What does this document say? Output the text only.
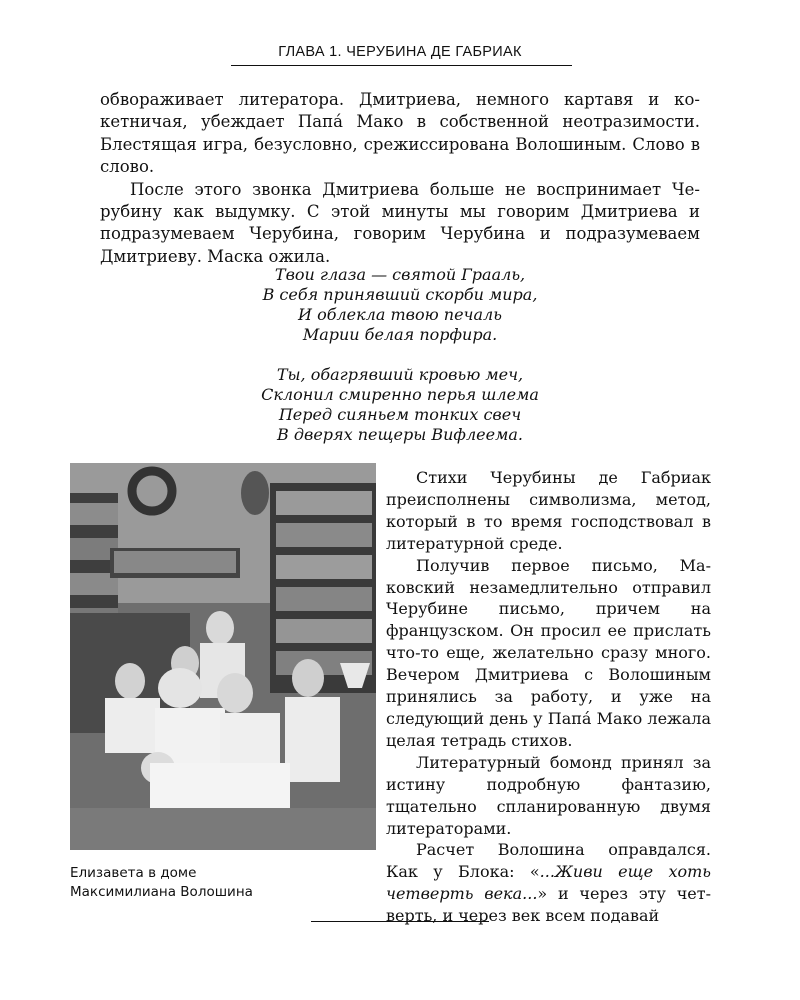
ГЛАВА 1. ЧЕРУБИНА ДЕ ГАБРИАК

обвораживает литератора. Дмитриева, немного картавя и кокетничая, убеждает Папа́ Мако в собственной неотразимости. Блестящая игра, безусловно, срежиссирована Волошиным. Слово в слово.

После этого звонка Дмитриева больше не воспринимает Черубину как выдумку. С этой минуты мы говорим Дмитриева и подразумеваем Черубина, говорим Черубина и подразумеваем Дмитриеву. Маска ожила.

Твои глаза — святой Грааль,
В себя принявший скорби мира,
И облекла твою печаль
Марии белая порфира.
Ты, обагрявший кровью меч,
Склонил смиренно перья шлема
Перед сияньем тонких свеч
В дверях пещеры Вифлеема.
Елизавета в доме
Максимилиана Волошина

Стихи Черубины де Габриак преисполнены символизма, метод, который в то время господствовал в литературной среде.

Получив первое письмо, Маковский незамедлительно отправил Черубине письмо, причем на французском. Он просил ее прислать что-то еще, желательно сразу много. Вечером Дмитриева с Волошиным принялись за работу, и уже на следующий день у Папа́ Мако лежала целая тетрадь стихов.

Литературный бомонд принял за истину подробную фантазию, тщательно спланированную двумя литераторами.

Расчет Волошина оправдался. Как у Блока: «...Живи еще хоть четверть века...» и через эту четверть, и через век всем подавай
